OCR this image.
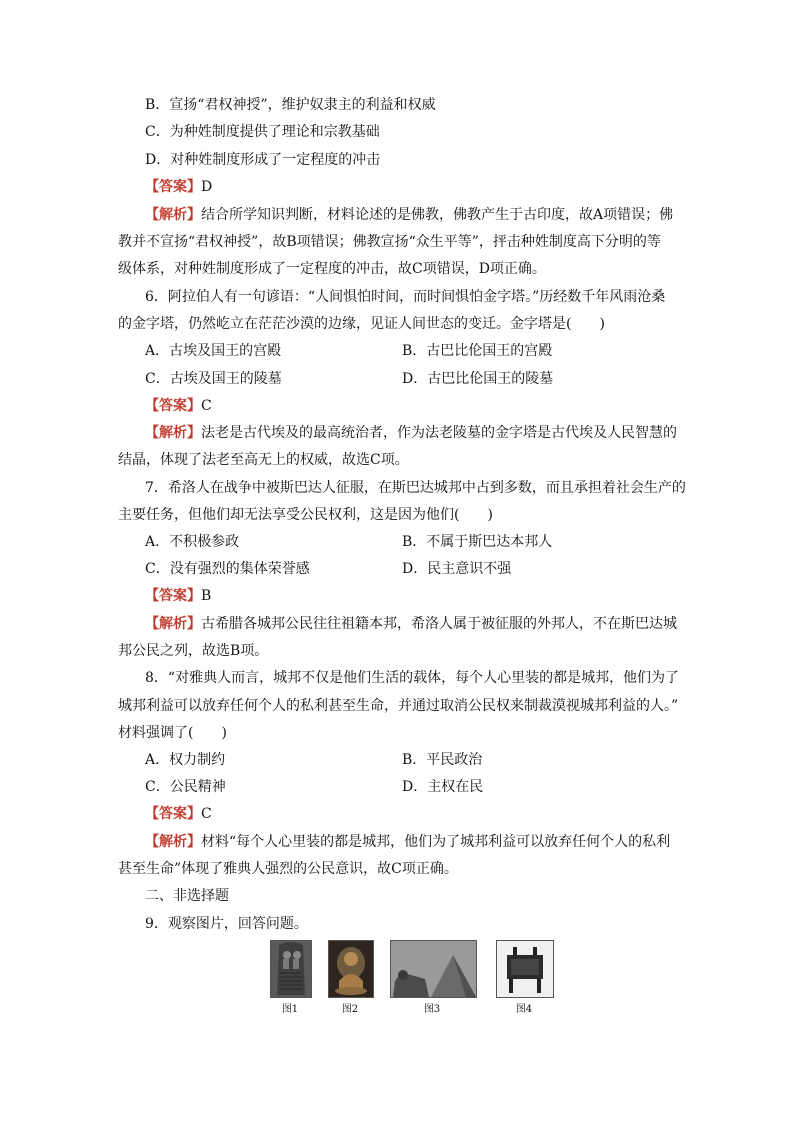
B．宣扬“君权神授”，维护奴隶主的利益和权威
C．为种姓制度提供了理论和宗教基础
D．对种姓制度形成了一定程度的冲击
【答案】D
【解析】结合所学知识判断，材料论述的是佛教，佛教产生于古印度，故A项错误；佛
教并不宣扬“君权神授”，故B项错误；佛教宣扬“众生平等”，抨击种姓制度高下分明的等
级体系，对种姓制度形成了一定程度的冲击，故C项错误，D项正确。
6．阿拉伯人有一句谚语：“人间惧怕时间，而时间惧怕金字塔。”历经数千年风雨沧桑
的金字塔，仍然屹立在茫茫沙漠的边缘，见证人间世态的变迁。金字塔是(　　)
A．古埃及国王的宫殿	B．古巴比伦国王的宫殿
C．古埃及国王的陵墓	D．古巴比伦国王的陵墓
【答案】C
【解析】法老是古代埃及的最高统治者，作为法老陵墓的金字塔是古代埃及人民智慧的
结晶，体现了法老至高无上的权威，故选C项。
7．希洛人在战争中被斯巴达人征服，在斯巴达城邦中占到多数，而且承担着社会生产的
主要任务，但他们却无法享受公民权利，这是因为他们(　　)
A．不积极参政	B．不属于斯巴达本邦人
C．没有强烈的集体荣誉感	D．民主意识不强
【答案】B
【解析】古希腊各城邦公民往往祖籍本邦，希洛人属于被征服的外邦人，不在斯巴达城
邦公民之列，故选B项。
8．“对雅典人而言，城邦不仅是他们生活的载体，每个人心里装的都是城邦，他们为了
城邦利益可以放弃任何个人的私利甚至生命，并通过取消公民权来制裁漠视城邦利益的人。”
材料强调了(　　)
A．权力制约	B．平民政治
C．公民精神	D．主权在民
【答案】C
【解析】材料“每个人心里装的都是城邦，他们为了城邦利益可以放弃任何个人的私利
甚至生命”体现了雅典人强烈的公民意识，故C项正确。
二、非选择题
9．观察图片，回答问题。
图1	图2	图3	图4
